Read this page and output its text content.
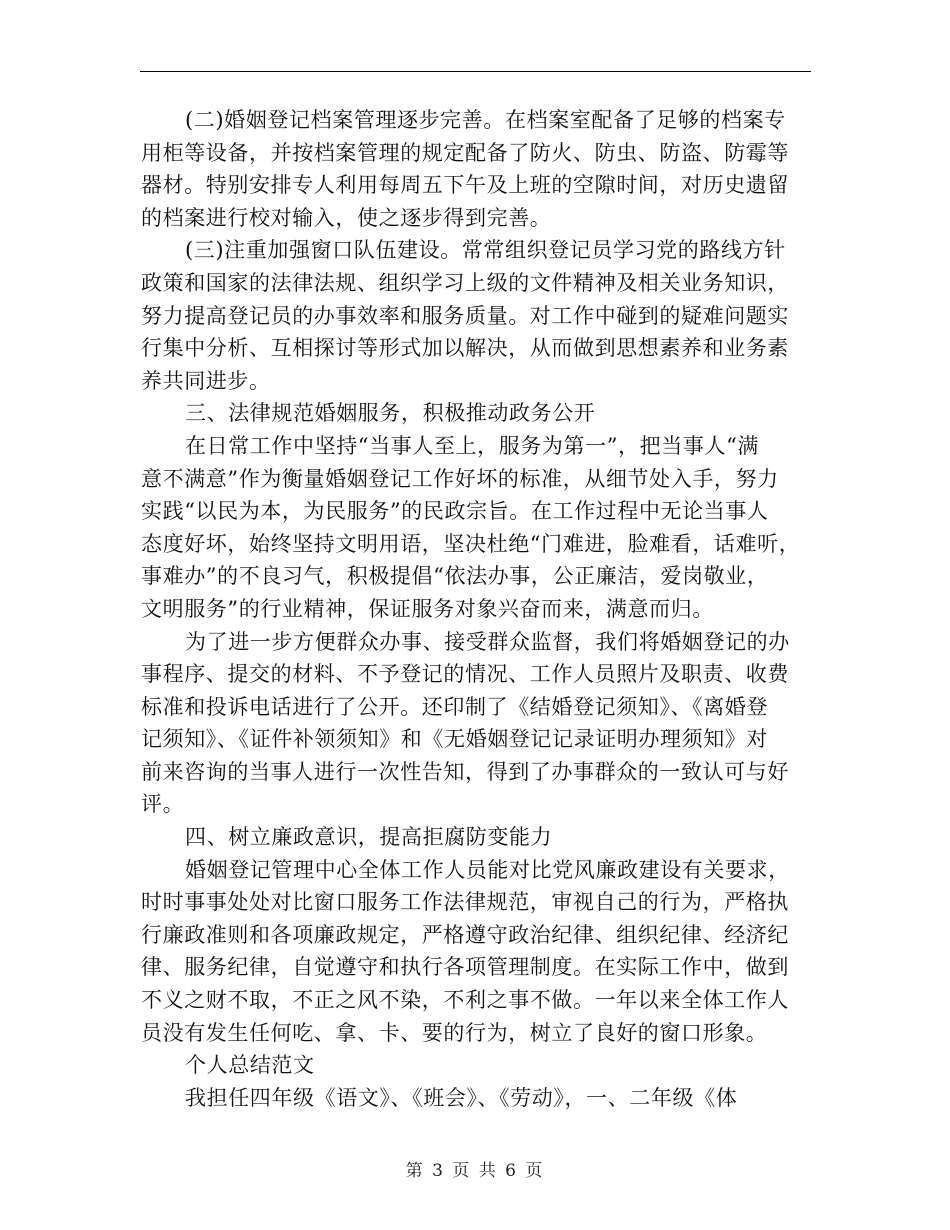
(二)婚姻登记档案管理逐步完善。在档案室配备了足够的档案专
用柜等设备，并按档案管理的规定配备了防火、防虫、防盗、防霉等
器材。特别安排专人利用每周五下午及上班的空隙时间，对历史遗留
的档案进行校对输入，使之逐步得到完善。

(三)注重加强窗口队伍建设。常常组织登记员学习党的路线方针
政策和国家的法律法规、组织学习上级的文件精神及相关业务知识，
努力提高登记员的办事效率和服务质量。对工作中碰到的疑难问题实
行集中分析、互相探讨等形式加以解决，从而做到思想素养和业务素
养共同进步。

三、法律规范婚姻服务，积极推动政务公开

在日常工作中坚持“当事人至上，服务为第一”，把当事人“满
意不满意”作为衡量婚姻登记工作好坏的标准，从细节处入手，努力
实践“以民为本，为民服务”的民政宗旨。在工作过程中无论当事人
态度好坏，始终坚持文明用语，坚决杜绝“门难进，脸难看，话难听，
事难办”的不良习气，积极提倡“依法办事，公正廉洁，爱岗敬业，
文明服务”的行业精神，保证服务对象兴奋而来，满意而归。

为了进一步方便群众办事、接受群众监督，我们将婚姻登记的办
事程序、提交的材料、不予登记的情况、工作人员照片及职责、收费
标准和投诉电话进行了公开。还印制了《结婚登记须知》、《离婚登
记须知》、《证件补领须知》和《无婚姻登记记录证明办理须知》对
前来咨询的当事人进行一次性告知，得到了办事群众的一致认可与好
评。

四、树立廉政意识，提高拒腐防变能力

婚姻登记管理中心全体工作人员能对比党风廉政建设有关要求，
时时事事处处对比窗口服务工作法律规范，审视自己的行为，严格执
行廉政准则和各项廉政规定，严格遵守政治纪律、组织纪律、经济纪
律、服务纪律，自觉遵守和执行各项管理制度。在实际工作中，做到
不义之财不取，不正之风不染，不利之事不做。一年以来全体工作人
员没有发生任何吃、拿、卡、要的行为，树立了良好的窗口形象。

个人总结范文

我担任四年级《语文》、《班会》、《劳动》，一、二年级《体

第 3 页 共 6 页
